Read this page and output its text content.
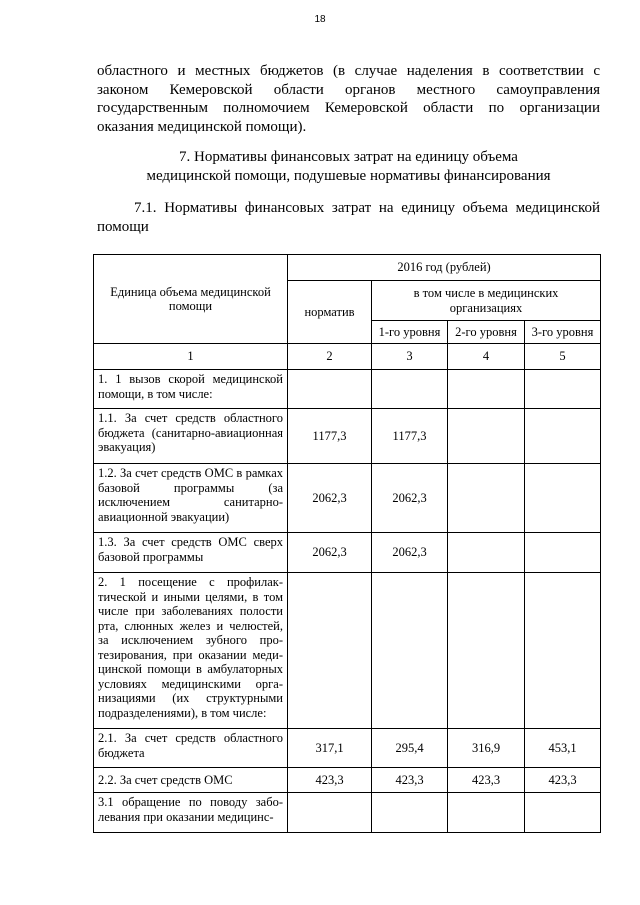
18
областного и местных бюджетов (в случае наделения в соответствии с законом Кемеровской области органов местного самоуправления государственным полномочием Кемеровской области по организации оказания медицинской помощи).
7. Нормативы финансовых затрат на единицу объема
медицинской помощи, подушевые нормативы финансирования
7.1. Нормативы финансовых затрат на единицу объема медицинской помощи
Единица объема медицинской помощи	2016 год (рублей)			
	норматив	в том числе в медицинских организациях		
		1-го уровня	2-го уровня	3-го уровня
1	2	3	4	5
1. 1 вызов скорой медицинской помощи, в том числе:				
1.1. За счет средств областного бюджета (санитарно-авиационная эвакуация)	1177,3	1177,3		
1.2. За счет средств ОМС в рамках базовой программы (за исключением санитарно-авиационной эвакуации)	2062,3	2062,3		
1.3. За счет средств ОМС сверх базовой программы	2062,3	2062,3		
2. 1 посещение с профилак-тической и иными целями, в том числе при заболеваниях полости рта, слюнных желез и челюстей, за исключением зубного про-тезирования, при оказании меди-цинской помощи в амбулаторных условиях медицинскими орга-низациями (их структурными подразделениями), в том числе:				
2.1. За счет средств областного бюджета	317,1	295,4	316,9	453,1
2.2. За счет средств ОМС	423,3	423,3	423,3	423,3
3.1 обращение по поводу забо-левания при оказании медицинс-				
